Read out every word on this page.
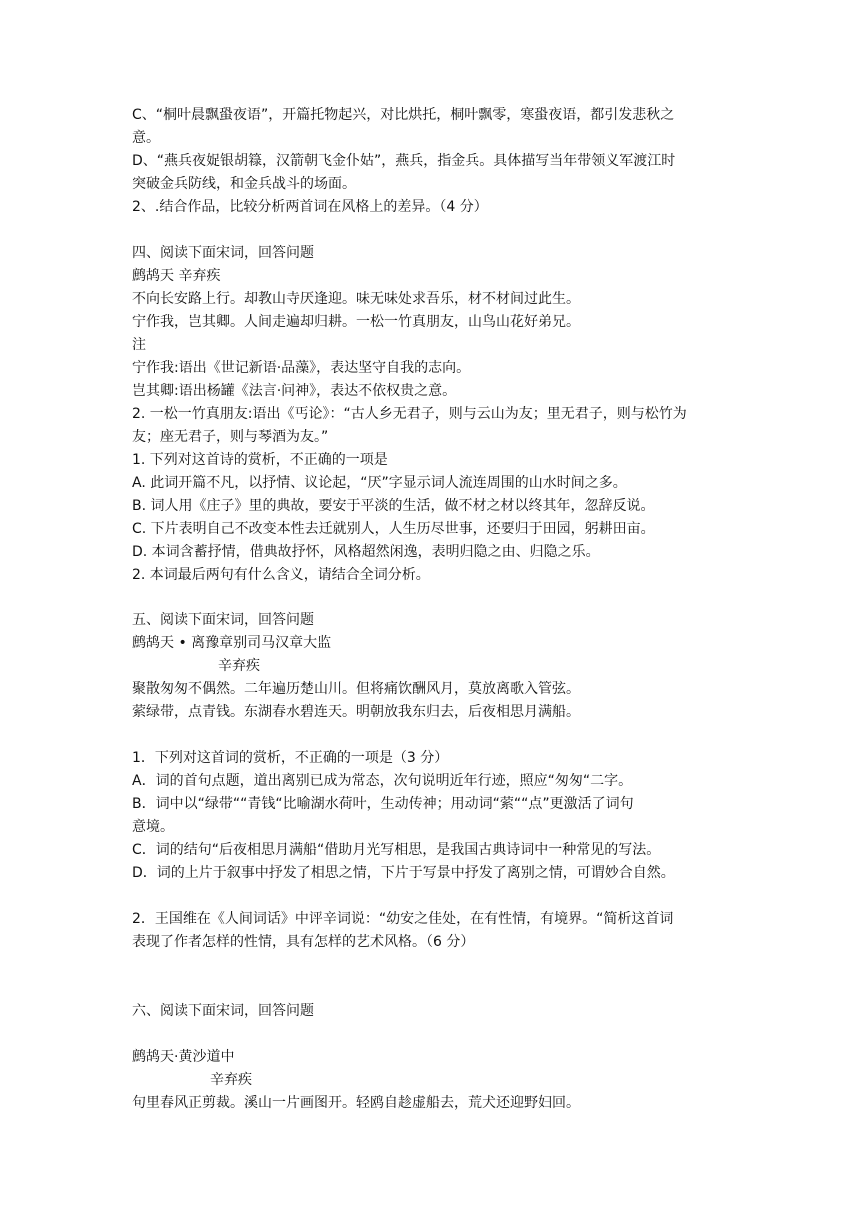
C、“桐叶晨飘蛩夜语”，开篇托物起兴，对比烘托，桐叶飘零，寒蛩夜语，都引发悲秋之
意。
D、“燕兵夜娖银胡簶，汉箭朝飞金仆姑”，燕兵，指金兵。具体描写当年带领义军渡江时
突破金兵防线，和金兵战斗的场面。
2、.结合作品，比较分析两首词在风格上的差异。（4 分）
四、阅读下面宋词，回答问题
鹧鸪天 辛弃疾
不向长安路上行。却教山寺厌逢迎。味无味处求吾乐，材不材间过此生。
宁作我，岂其卿。人间走遍却归耕。一松一竹真朋友，山鸟山花好弟兄。
注
宁作我:语出《世记新语·品藻》，表达坚守自我的志向。
岂其卿:语出杨罐《法言·问神》，表达不依权贵之意。
2. 一松一竹真朋友:语出《丐论》：“古人乡无君子，则与云山为友；里无君子，则与松竹为
友；座无君子，则与琴酒为友。”
1. 下列对这首诗的赏析，不正确的一项是
A. 此词开篇不凡，以抒情、议论起，“厌”字显示词人流连周围的山水时间之多。
B. 词人用《庄子》里的典故，要安于平淡的生活，做不材之材以终其年，忽辞反说。
C. 下片表明自己不改变本性去迁就别人，人生历尽世事，还要归于田园，躬耕田亩。
D. 本词含蓄抒情，借典故抒怀，风格超然闲逸，表明归隐之由、归隐之乐。
2. 本词最后两句有什么含义，请结合全词分析。
五、阅读下面宋词，回答问题
鹧鸪天 • 离豫章别司马汉章大监
辛弃疾
聚散匆匆不偶然。二年遍历楚山川。但将痛饮酬风月，莫放离歌入管弦。
萦绿带，点青钱。东湖春水碧连天。明朝放我东归去，后夜相思月满船。
1．下列对这首词的赏析，不正确的一项是（3 分）
A．词的首句点题，道出离别已成为常态，次句说明近年行迹，照应“匆匆“二字。
B．词中以“绿带““青钱“比喻湖水荷叶，生动传神；用动词“萦““点”更激活了词句
意境。
C．词的结句“后夜相思月满船“借助月光写相思，是我国古典诗词中一种常见的写法。
D．词的上片于叙事中抒发了相思之情，下片于写景中抒发了离别之情，可谓妙合自然。
2．王国维在《人间词话》中评辛词说：“幼安之佳处，在有性情，有境界。“简析这首词
表现了作者怎样的性情，具有怎样的艺术风格。（6 分）
六、阅读下面宋词，回答问题
鹧鸪天·黄沙道中
辛弃疾
句里春风正剪裁。溪山一片画图开。轻鸥自趁虚船去，荒犬还迎野妇回。
